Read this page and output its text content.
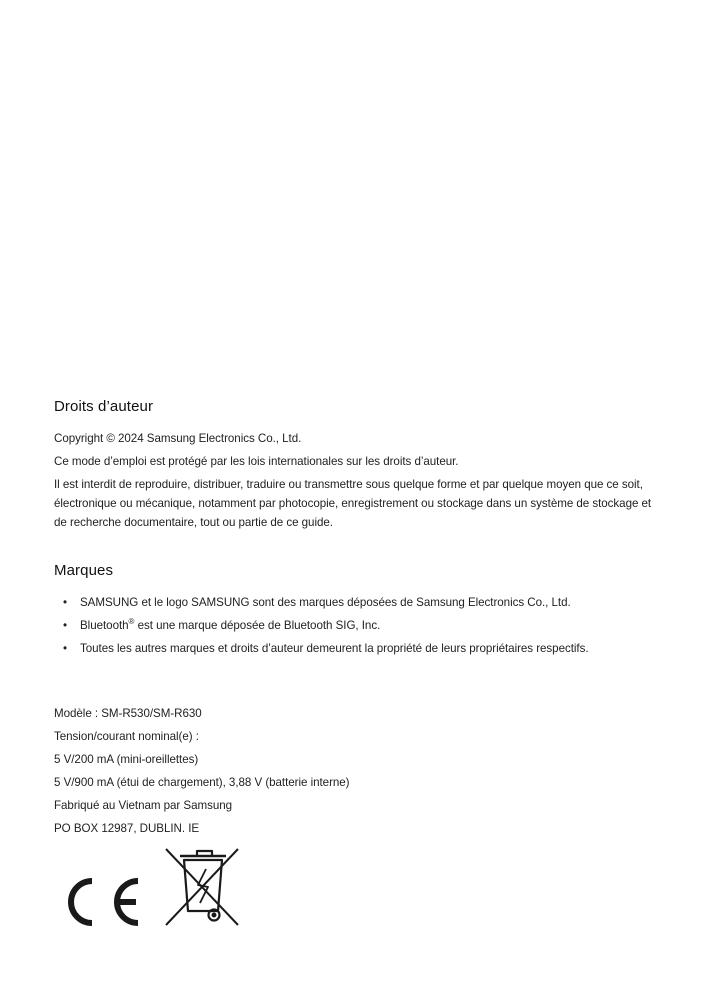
Droits d’auteur

Copyright © 2024 Samsung Electronics Co., Ltd.

Ce mode d’emploi est protégé par les lois internationales sur les droits d’auteur.

Il est interdit de reproduire, distribuer, traduire ou transmettre sous quelque forme et par quelque moyen que ce soit, électronique ou mécanique, notamment par photocopie, enregistrement ou stockage dans un système de stockage et de recherche documentaire, tout ou partie de ce guide.

Marques
• SAMSUNG et le logo SAMSUNG sont des marques déposées de Samsung Electronics Co., Ltd.
• Bluetooth® est une marque déposée de Bluetooth SIG, Inc.
• Toutes les autres marques et droits d’auteur demeurent la propriété de leurs propriétaires respectifs.

Modèle : SM-R530/SM-R630

Tension/courant nominal(e) :

5 V/200 mA (mini-oreillettes)

5 V/900 mA (étui de chargement), 3,88 V (batterie interne)

Fabriqué au Vietnam par Samsung

PO BOX 12987, DUBLIN. IE
